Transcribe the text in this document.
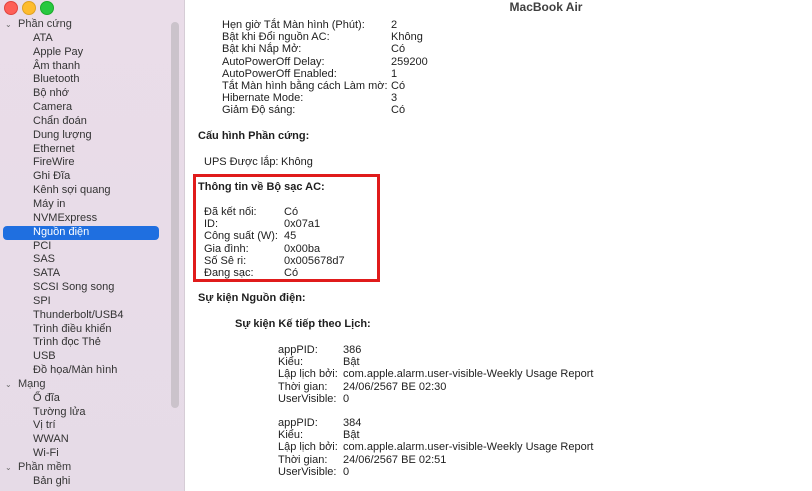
⌄ Phần cứng
ATA
Apple Pay
Âm thanh
Bluetooth
Bộ nhớ
Camera
Chẩn đoán
Dung lượng
Ethernet
FireWire
Ghi Đĩa
Kênh sợi quang
Máy in
NVMExpress
Nguồn điện
PCI
SAS
SATA
SCSI Song song
SPI
Thunderbolt/USB4
Trình điều khiển
Trình đọc Thẻ
USB
Đồ họa/Màn hình
⌄ Mạng
Ổ đĩa
Tường lửa
Vị trí
WWAN
Wi-Fi
⌄ Phần mềm
Bản ghi
MacBook Air
Hẹn giờ Tắt Màn hình (Phút): 2
Bật khi Đổi nguồn AC:	Không
Bật khi Nắp Mở:	Có
AutoPowerOff Delay:	259200
AutoPowerOff Enabled:	1
Tắt Màn hình bằng cách Làm mờ: Có
Hibernate Mode:	3
Giảm Độ sáng:	Có
Cấu hình Phần cứng:
UPS Được lắp: Không
Thông tin về Bộ sạc AC:
Đã kết nối: Có
ID:	0x07a1
Công suất (W): 45
Gia đình:	0x00ba
Số Sê ri:	0x005678d7
Đang sạc:	Có
Sự kiện Nguồn điện:
Sự kiện Kế tiếp theo Lịch:
appPID: 386
Kiểu:	Bật
Lập lịch bởi: com.apple.alarm.user-visible-Weekly Usage Report
Thời gian: 24/06/2567 BE 02:30
UserVisible: 0
appPID: 384
Kiểu:	Bật
Lập lịch bởi: com.apple.alarm.user-visible-Weekly Usage Report
Thời gian: 24/06/2567 BE 02:51
UserVisible: 0
